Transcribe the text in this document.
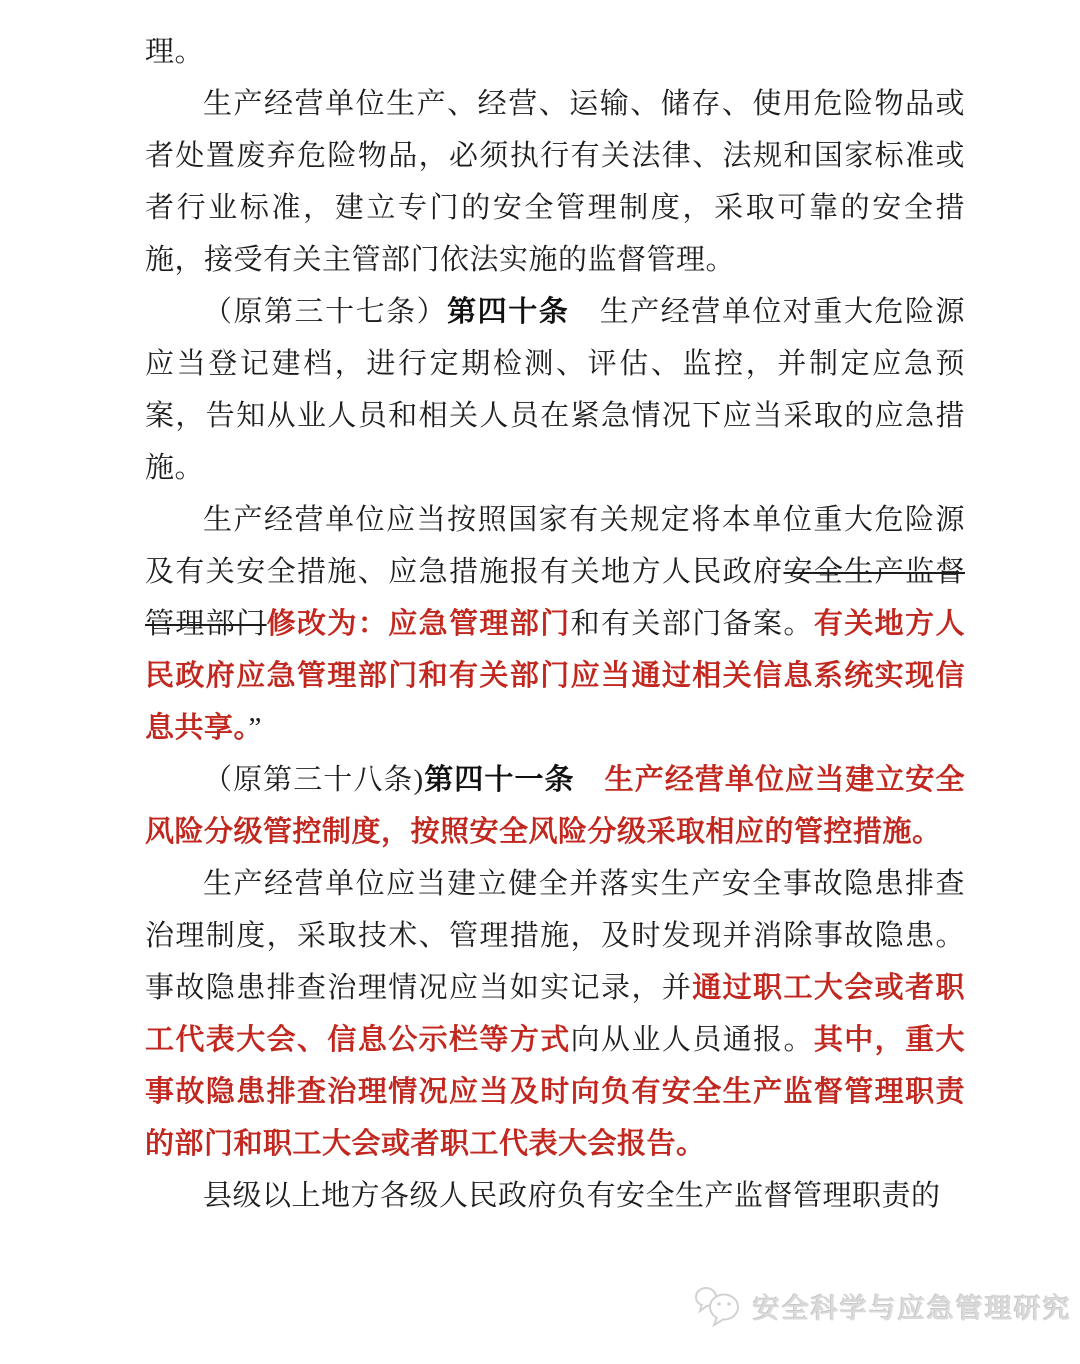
理。

生产经营单位生产、经营、运输、储存、使用危险物品或者处置废弃危险物品，必须执行有关法律、法规和国家标准或者行业标准，建立专门的安全管理制度，采取可靠的安全措施，接受有关主管部门依法实施的监督管理。

（原第三十七条）第四十条　生产经营单位对重大危险源应当登记建档，进行定期检测、评估、监控，并制定应急预案，告知从业人员和相关人员在紧急情况下应当采取的应急措施。

生产经营单位应当按照国家有关规定将本单位重大危险源及有关安全措施、应急措施报有关地方人民政府安全生产监督管理部门修改为：应急管理部门和有关部门备案。有关地方人民政府应急管理部门和有关部门应当通过相关信息系统实现信息共享。”

（原第三十八条)第四十一条　 生产经营单位应当建立安全风险分级管控制度，按照安全风险分级采取相应的管控措施。

生产经营单位应当建立健全并落实生产安全事故隐患排查治理制度，采取技术、管理措施，及时发现并消除事故隐患。事故隐患排查治理情况应当如实记录，并通过职工大会或者职工代表大会、信息公示栏等方式向从业人员通报。其中，重大事故隐患排查治理情况应当及时向负有安全生产监督管理职责的部门和职工大会或者职工代表大会报告。

县级以上地方各级人民政府负有安全生产监督管理职责的

安全科学与应急管理研究
